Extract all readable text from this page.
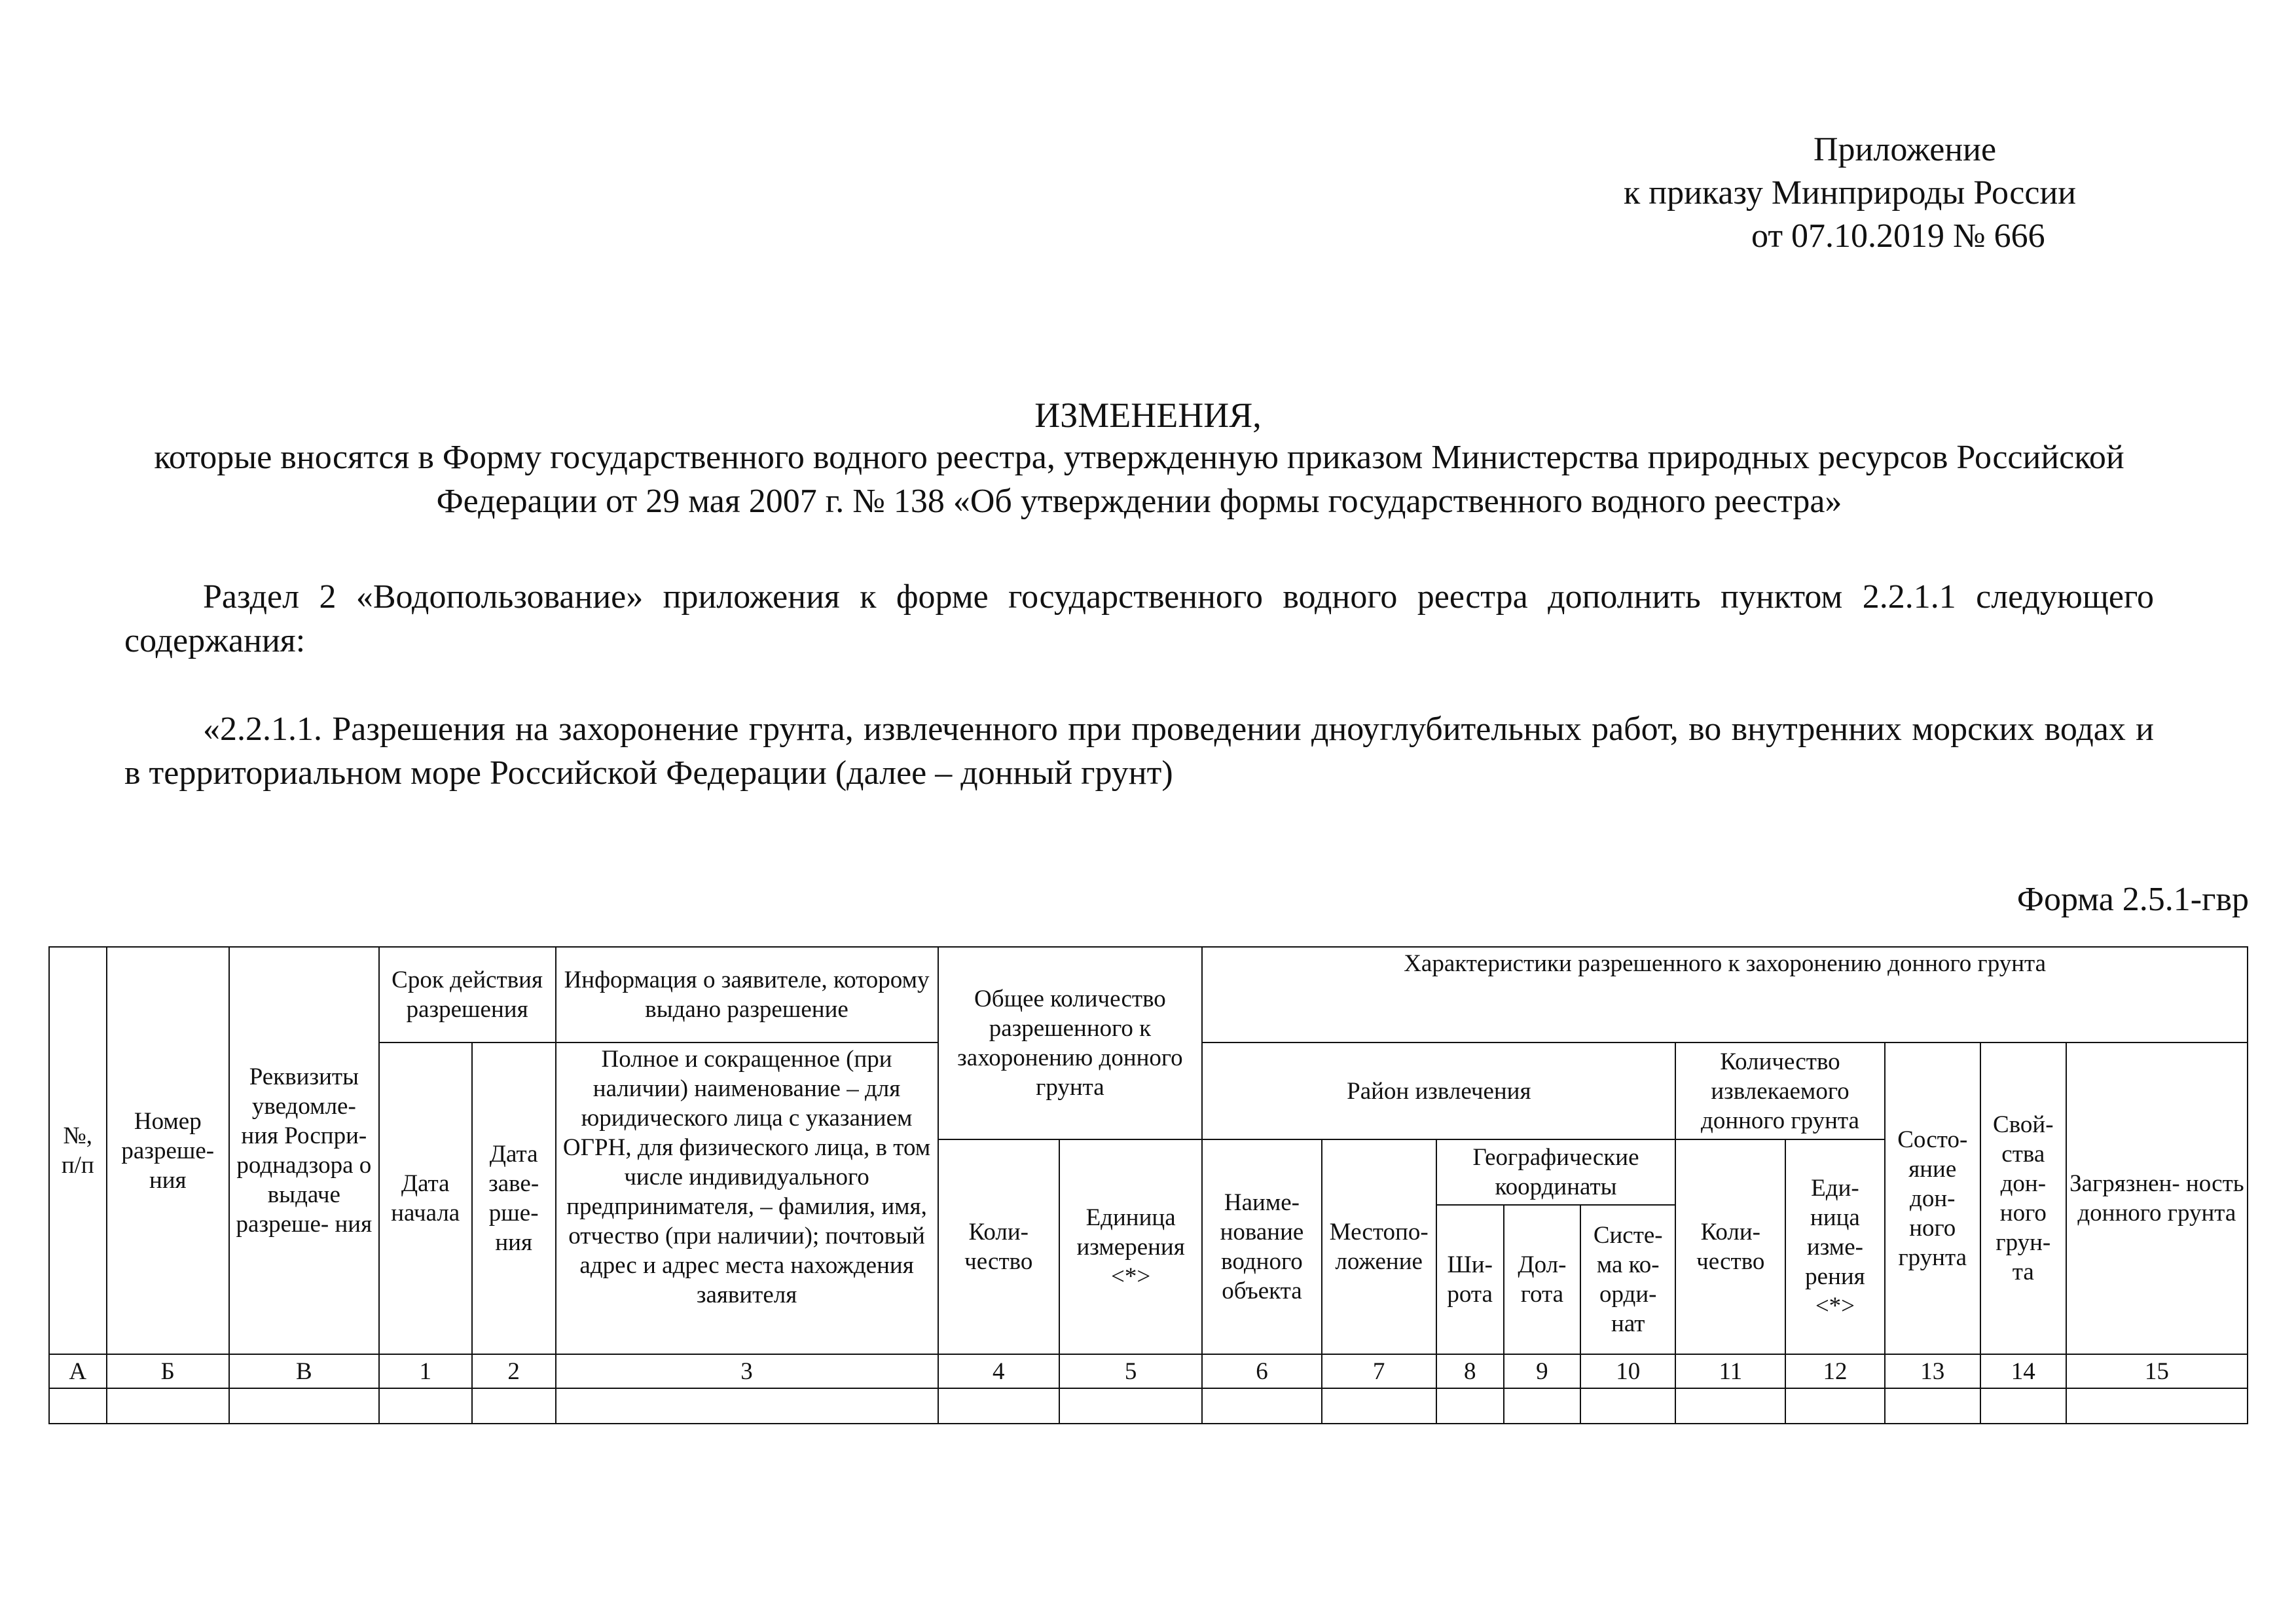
Приложение
к приказу Минприроды России
от 07.10.2019 № 666
ИЗМЕНЕНИЯ,
которые вносятся в Форму государственного водного реестра, утвержденную приказом Министерства природных ресурсов Российской Федерации от 29 мая 2007 г. № 138 «Об утверждении формы государственного водного реестра»

Раздел 2 «Водопользование» приложения к форме государственного водного реестра дополнить пунктом 2.2.1.1 следующего содержания:

«2.2.1.1. Разрешения на захоронение грунта, извлеченного при проведении дноуглубительных работ, во внутренних морских водах и в территориальном море Российской Федерации (далее – донный грунт)

Форма 2.5.1-гвр
№, п/п	Номер разреше- ния	Реквизиты уведомле- ния Роспри- роднадзора о выдаче разреше- ния	Срок действия разрешения		Информация о заявителе, которому выдано разрешение	Общее количество разрешенного к захоронению донного грунта		Характеристики разрешенного к захоронению донного грунта									
			Дата начала	Дата заве- рше- ния	Полное и сокращенное (при наличии) наименование – для юридического лица с указанием ОГРН, для физического лица, в том числе индивидуального предпринимателя, – фамилия, имя, отчество (при наличии); почтовый адрес и адрес места нахождения заявителя			Район извлечения					Количество извлекаемого донного грунта		Состо- яние дон- ного грунта	Свой- ства дон- ного грун- та	Загрязнен- ность донного грунта
						Коли- чество	Единица измерения <*>	Наиме- нование водного объекта	Местопо- ложение	Географические координаты			Коли- чество	Еди- ница изме- рения <*>			
										Ши- рота	Дол- гота	Систе- ма ко- орди- нат					
А	Б	В	1	2	3	4	5	6	7	8	9	10	11	12	13	14	15
